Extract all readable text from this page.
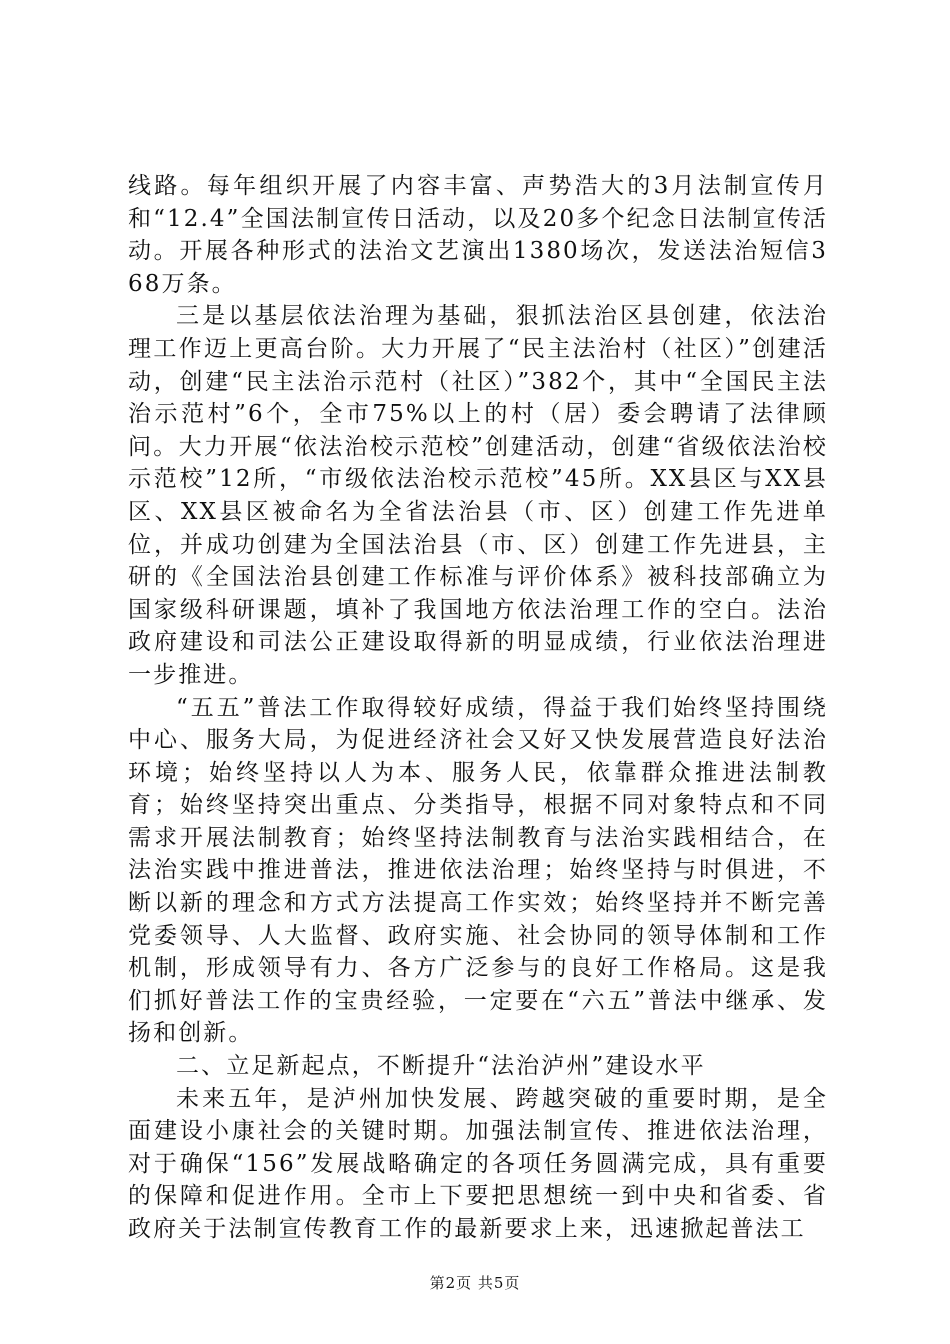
线路。每年组织开展了内容丰富、声势浩大的3月法制宣传月和“12.4”全国法制宣传日活动，以及20多个纪念日法制宣传活动。开展各种形式的法治文艺演出1380场次，发送法治短信368万条。

三是以基层依法治理为基础，狠抓法治区县创建，依法治理工作迈上更高台阶。大力开展了“民主法治村（社区）”创建活动，创建“民主法治示范村（社区）”382个，其中“全国民主法治示范村”6个，全市75%以上的村（居）委会聘请了法律顾问。大力开展“依法治校示范校”创建活动，创建“省级依法治校示范校”12所，“市级依法治校示范校”45所。XX县区与XX县区、XX县区被命名为全省法治县（市、区）创建工作先进单位，并成功创建为全国法治县（市、区）创建工作先进县，主研的《全国法治县创建工作标准与评价体系》被科技部确立为国家级科研课题，填补了我国地方依法治理工作的空白。法治政府建设和司法公正建设取得新的明显成绩，行业依法治理进一步推进。

“五五”普法工作取得较好成绩，得益于我们始终坚持围绕中心、服务大局，为促进经济社会又好又快发展营造良好法治环境；始终坚持以人为本、服务人民，依靠群众推进法制教育；始终坚持突出重点、分类指导，根据不同对象特点和不同需求开展法制教育；始终坚持法制教育与法治实践相结合，在法治实践中推进普法，推进依法治理；始终坚持与时俱进，不断以新的理念和方式方法提高工作实效；始终坚持并不断完善党委领导、人大监督、政府实施、社会协同的领导体制和工作机制，形成领导有力、各方广泛参与的良好工作格局。这是我们抓好普法工作的宝贵经验，一定要在“六五”普法中继承、发扬和创新。

二、立足新起点，不断提升“法治泸州”建设水平

未来五年，是泸州加快发展、跨越突破的重要时期，是全面建设小康社会的关键时期。加强法制宣传、推进依法治理，对于确保“156”发展战略确定的各项任务圆满完成，具有重要的保障和促进作用。全市上下要把思想统一到中央和省委、省政府关于法制宣传教育工作的最新要求上来，迅速掀起普法工

第2页 共5页
